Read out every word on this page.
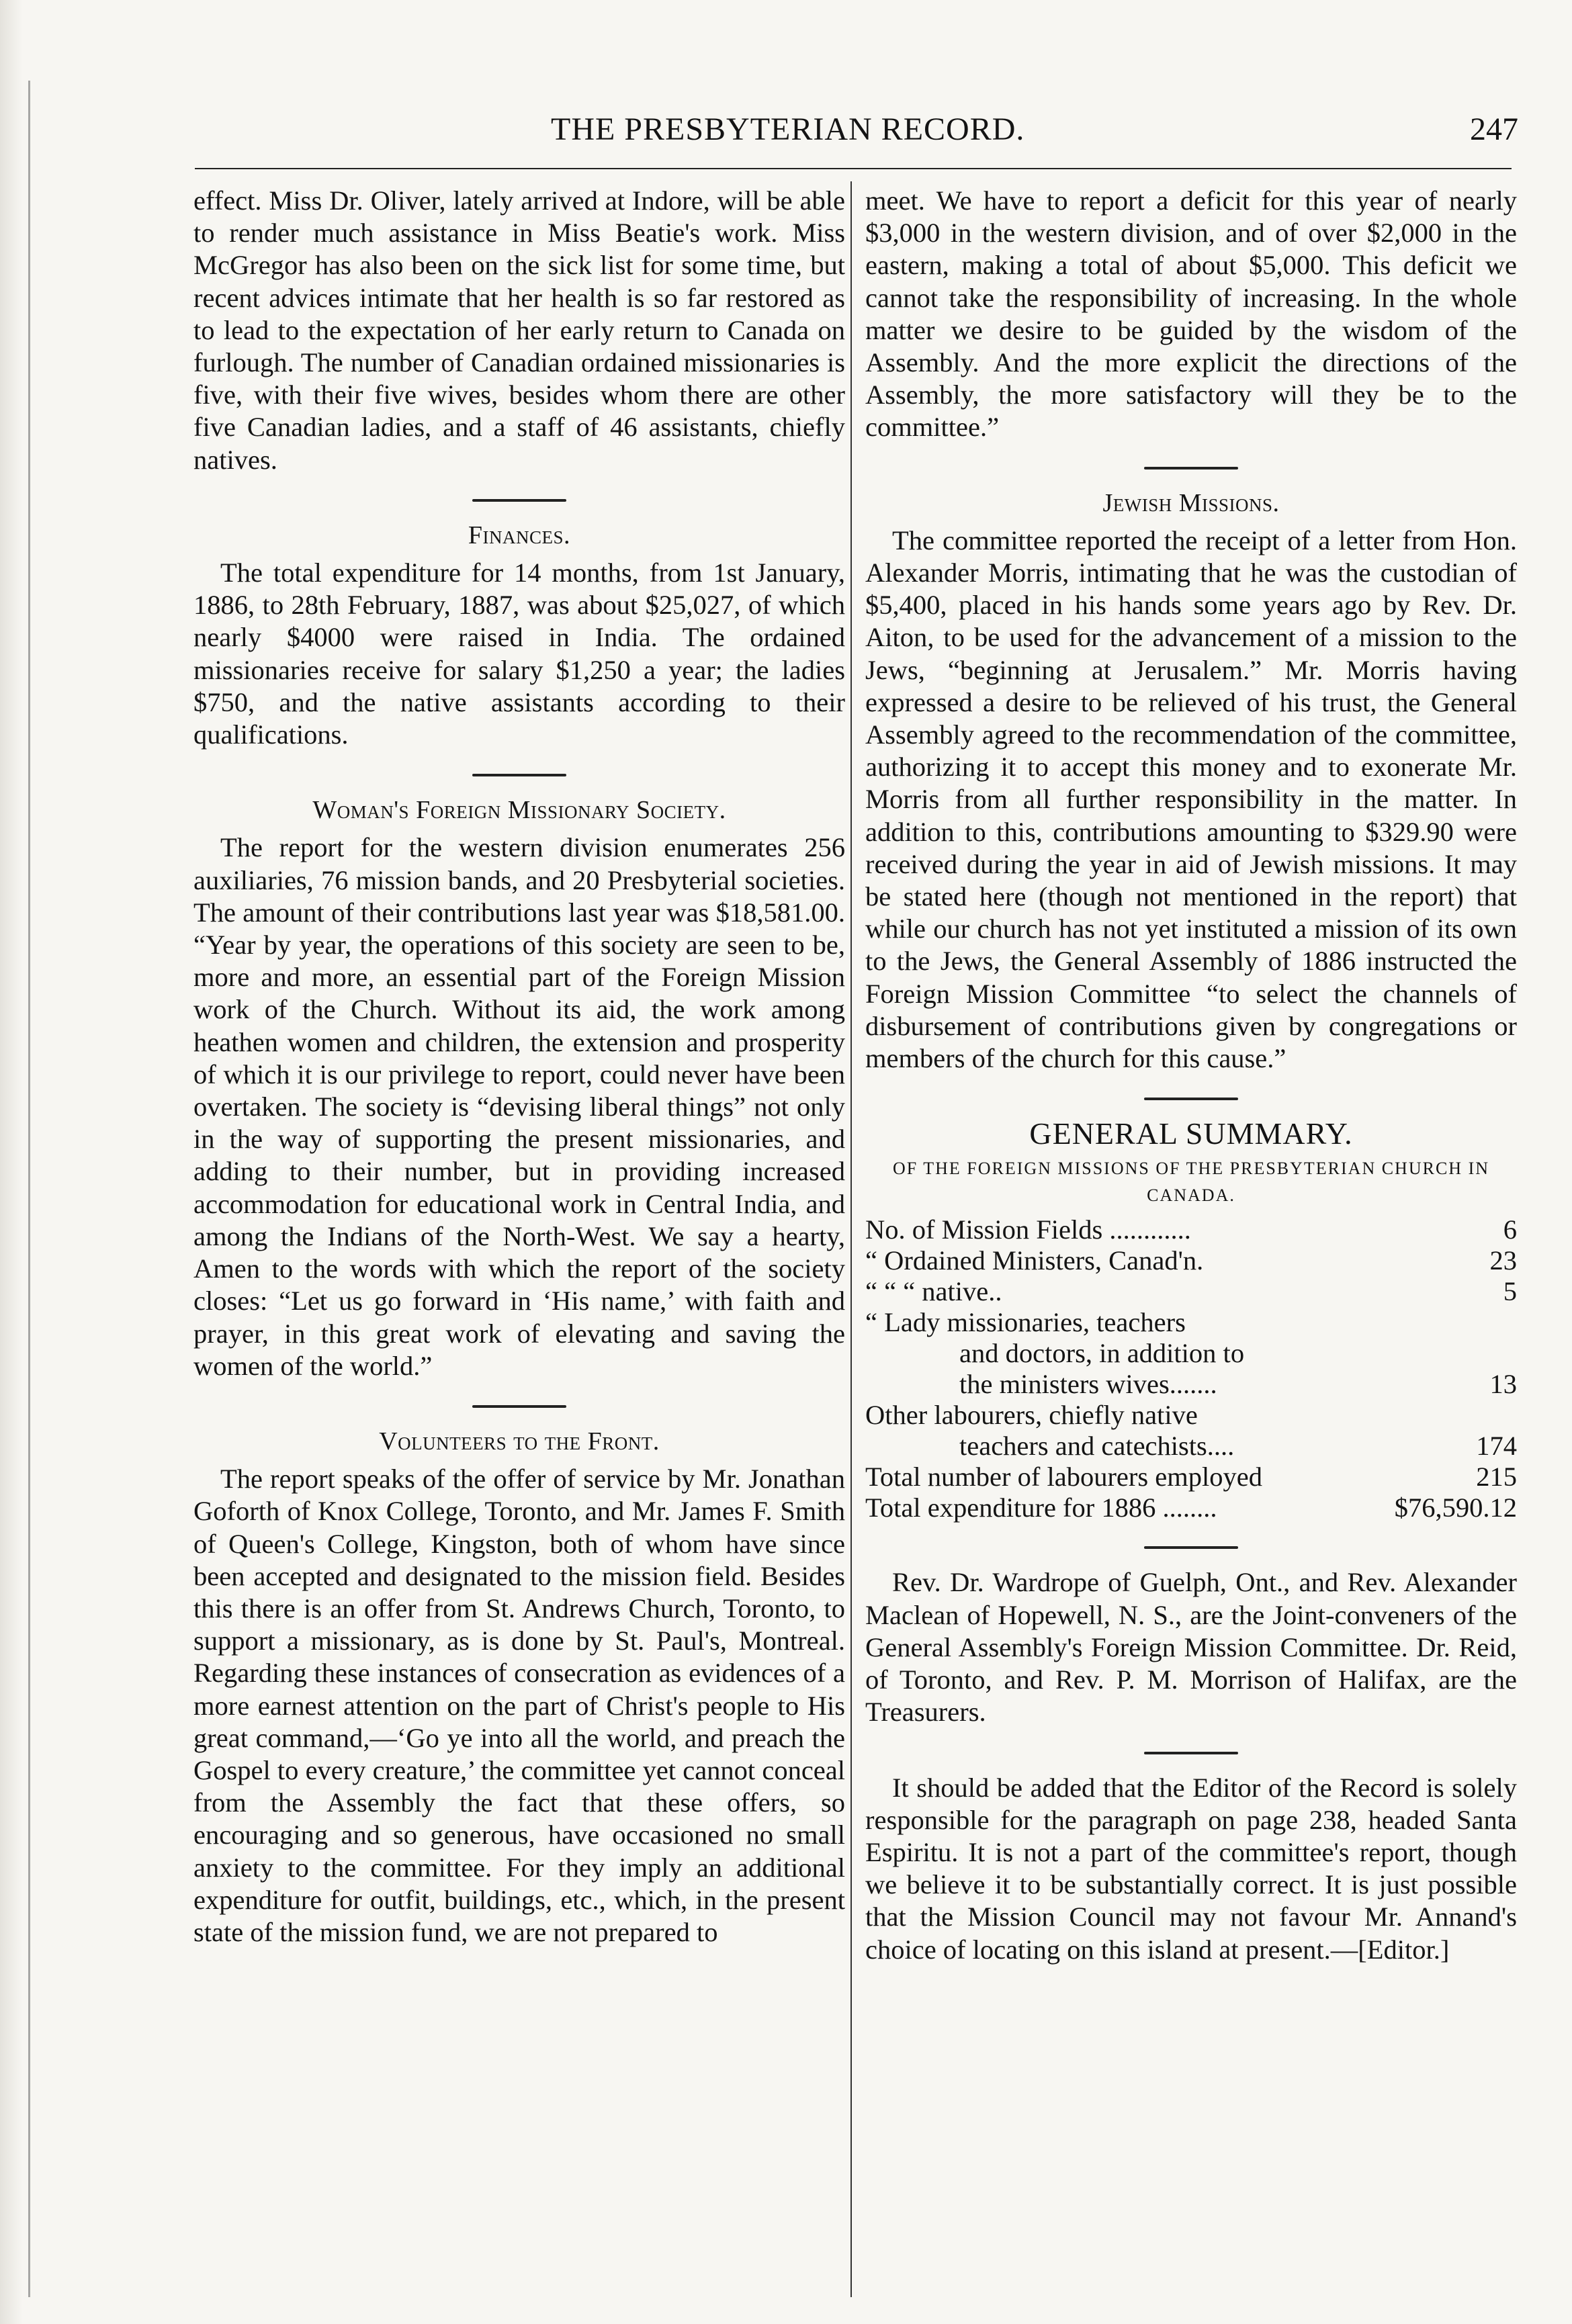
THE PRESBYTERIAN RECORD.	247

effect. Miss Dr. Oliver, lately arrived at Indore, will be able to render much assistance in Miss Beatie's work. Miss McGregor has also been on the sick list for some time, but recent advices intimate that her health is so far restored as to lead to the expectation of her early return to Canada on furlough. The number of Canadian ordained missionaries is five, with their five wives, besides whom there are other five Canadian ladies, and a staff of 46 assistants, chiefly natives.

Finances.

The total expenditure for 14 months, from 1st January, 1886, to 28th February, 1887, was about $25,027, of which nearly $4000 were raised in India. The ordained missionaries receive for salary $1,250 a year; the ladies $750, and the native assistants according to their qualifications.

Woman's Foreign Missionary Society.

The report for the western division enumerates 256 auxiliaries, 76 mission bands, and 20 Presbyterial societies. The amount of their contributions last year was $18,581.00. “Year by year, the operations of this society are seen to be, more and more, an essential part of the Foreign Mission work of the Church. Without its aid, the work among heathen women and children, the extension and prosperity of which it is our privilege to report, could never have been overtaken. The society is “devising liberal things” not only in the way of supporting the present missionaries, and adding to their number, but in providing increased accommodation for educational work in Central India, and among the Indians of the North-West. We say a hearty, Amen to the words with which the report of the society closes: “Let us go forward in ‘His name,’ with faith and prayer, in this great work of elevating and saving the women of the world.”

Volunteers to the Front.

The report speaks of the offer of service by Mr. Jonathan Goforth of Knox College, Toronto, and Mr. James F. Smith of Queen's College, Kingston, both of whom have since been accepted and designated to the mission field. Besides this there is an offer from St. Andrews Church, Toronto, to support a missionary, as is done by St. Paul's, Montreal. Regarding these instances of consecration as evidences of a more earnest attention on the part of Christ's people to His great command,—‘Go ye into all the world, and preach the Gospel to every creature,’ the committee yet cannot conceal from the Assembly the fact that these offers, so encouraging and so generous, have occasioned no small anxiety to the committee. For they imply an additional expenditure for outfit, buildings, etc., which, in the present state of the mission fund, we are not prepared to

meet. We have to report a deficit for this year of nearly $3,000 in the western division, and of over $2,000 in the eastern, making a total of about $5,000. This deficit we cannot take the responsibility of increasing. In the whole matter we desire to be guided by the wisdom of the Assembly. And the more explicit the directions of the Assembly, the more satisfactory will they be to the committee.”

Jewish Missions.

The committee reported the receipt of a letter from Hon. Alexander Morris, intimating that he was the custodian of $5,400, placed in his hands some years ago by Rev. Dr. Aiton, to be used for the advancement of a mission to the Jews, “beginning at Jerusalem.” Mr. Morris having expressed a desire to be relieved of his trust, the General Assembly agreed to the recommendation of the committee, authorizing it to accept this money and to exonerate Mr. Morris from all further responsibility in the matter. In addition to this, contributions amounting to $329.90 were received during the year in aid of Jewish missions. It may be stated here (though not mentioned in the report) that while our church has not yet instituted a mission of its own to the Jews, the General Assembly of 1886 instructed the Foreign Mission Committee “to select the channels of disbursement of contributions given by congregations or members of the church for this cause.”

GENERAL SUMMARY.
OF THE FOREIGN MISSIONS OF THE PRESBYTERIAN CHURCH IN CANADA.
No. of Mission Fields ............	6
“ Ordained Ministers, Canad'n.	23
“ “ “ native..	5
“ Lady missionaries, teachers
and doctors, in addition to
the ministers wives.......	13
Other labourers, chiefly native
teachers and catechists....	174
Total number of labourers employed	215
Total expenditure for 1886 ........	$76,590.12

Rev. Dr. Wardrope of Guelph, Ont., and Rev. Alexander Maclean of Hopewell, N. S., are the Joint-conveners of the General Assembly's Foreign Mission Committee. Dr. Reid, of Toronto, and Rev. P. M. Morrison of Halifax, are the Treasurers.

It should be added that the Editor of the Record is solely responsible for the paragraph on page 238, headed Santa Espiritu. It is not a part of the committee's report, though we believe it to be substantially correct. It is just possible that the Mission Council may not favour Mr. Annand's choice of locating on this island at present.—[Editor.]
